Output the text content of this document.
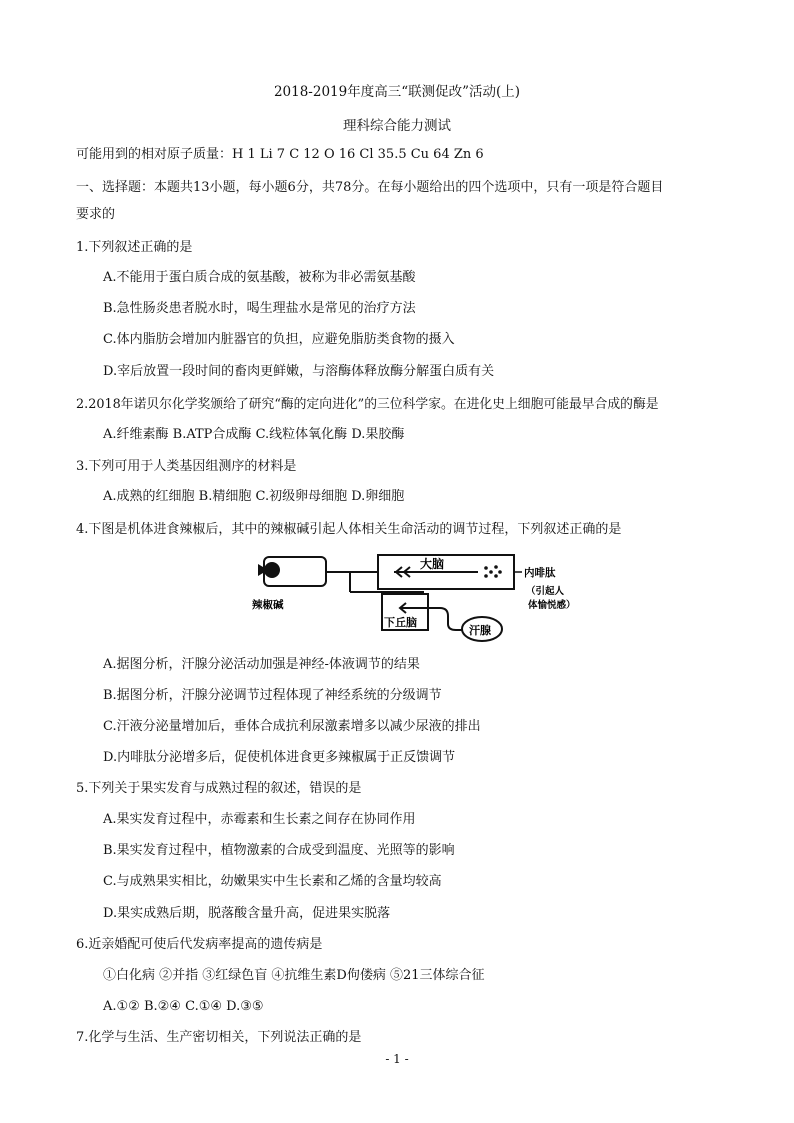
2018-2019年度高三“联测促改”活动(上)
理科综合能力测试
可能用到的相对原子质量：H 1 Li 7 C 12 O 16 Cl 35.5 Cu 64 Zn 6
一、选择题：本题共13小题，每小题6分，共78分。在每小题给出的四个选项中，只有一项是符合题目
要求的
1.下列叙述正确的是
A.不能用于蛋白质合成的氨基酸，被称为非必需氨基酸
B.急性肠炎患者脱水时，喝生理盐水是常见的治疗方法
C.体内脂肪会增加内脏器官的负担，应避免脂肪类食物的摄入
D.宰后放置一段时间的畜肉更鲜嫩，与溶酶体释放酶分解蛋白质有关
2.2018年诺贝尔化学奖颁给了研究“酶的定向进化”的三位科学家。在进化史上细胞可能最早合成的酶是
A.纤维素酶 B.ATP合成酶 C.线粒体氧化酶 D.果胶酶
3.下列可用于人类基因组测序的材料是
A.成熟的红细胞 B.精细胞 C.初级卵母细胞 D.卵细胞
4.下图是机体进食辣椒后，其中的辣椒碱引起人体相关生命活动的调节过程，下列叙述正确的是
大脑
内啡肽
（引起人
体愉悦感）
辣椒碱
下丘脑
汗腺
A.据图分析，汗腺分泌活动加强是神经-体液调节的结果
B.据图分析，汗腺分泌调节过程体现了神经系统的分级调节
C.汗液分泌量增加后，垂体合成抗利尿激素增多以减少尿液的排出
D.内啡肽分泌增多后，促使机体进食更多辣椒属于正反馈调节
5.下列关于果实发育与成熟过程的叙述，错误的是
A.果实发育过程中，赤霉素和生长素之间存在协同作用
B.果实发育过程中，植物激素的合成受到温度、光照等的影响
C.与成熟果实相比，幼嫩果实中生长素和乙烯的含量均较高
D.果实成熟后期，脱落酸含量升高，促进果实脱落
6.近亲婚配可使后代发病率提高的遗传病是
①白化病 ②并指 ③红绿色盲 ④抗维生素D佝偻病 ⑤21三体综合征
A.①② B.②④ C.①④ D.③⑤
7.化学与生活、生产密切相关，下列说法正确的是
- 1 -
